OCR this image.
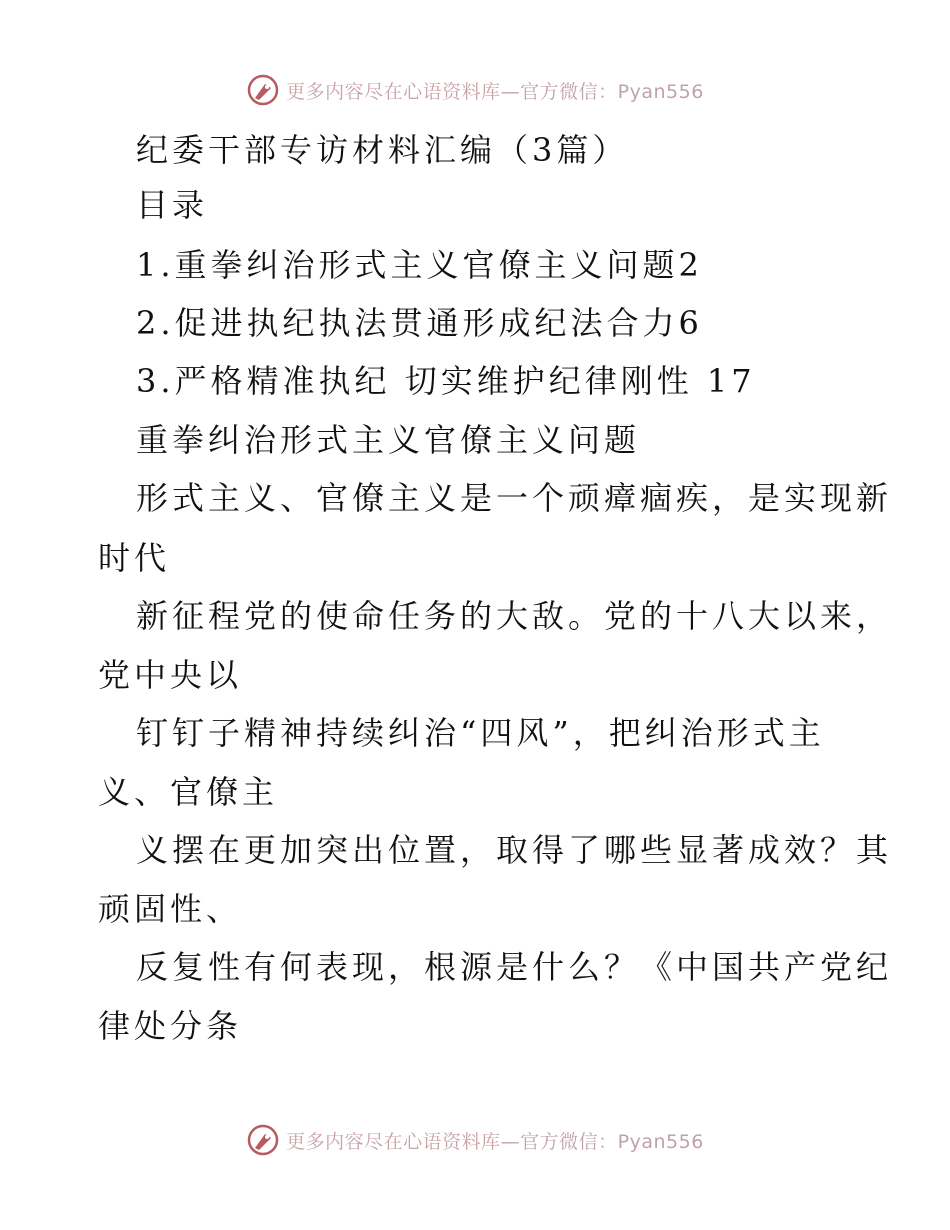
更多内容尽在心语资料库—官方微信：Pyan556
纪委干部专访材料汇编（3篇）
目录
1.重拳纠治形式主义官僚主义问题2
2.促进执纪执法贯通形成纪法合力6
3.严格精准执纪 切实维护纪律刚性 17
重拳纠治形式主义官僚主义问题
形式主义、官僚主义是一个顽瘴痼疾，是实现新
时代
新征程党的使命任务的大敌。党的十八大以来，
党中央以
钉钉子精神持续纠治“四风”，把纠治形式主
义、官僚主
义摆在更加突出位置，取得了哪些显著成效？其
顽固性、
反复性有何表现，根源是什么？《中国共产党纪
律处分条
更多内容尽在心语资料库—官方微信：Pyan556
